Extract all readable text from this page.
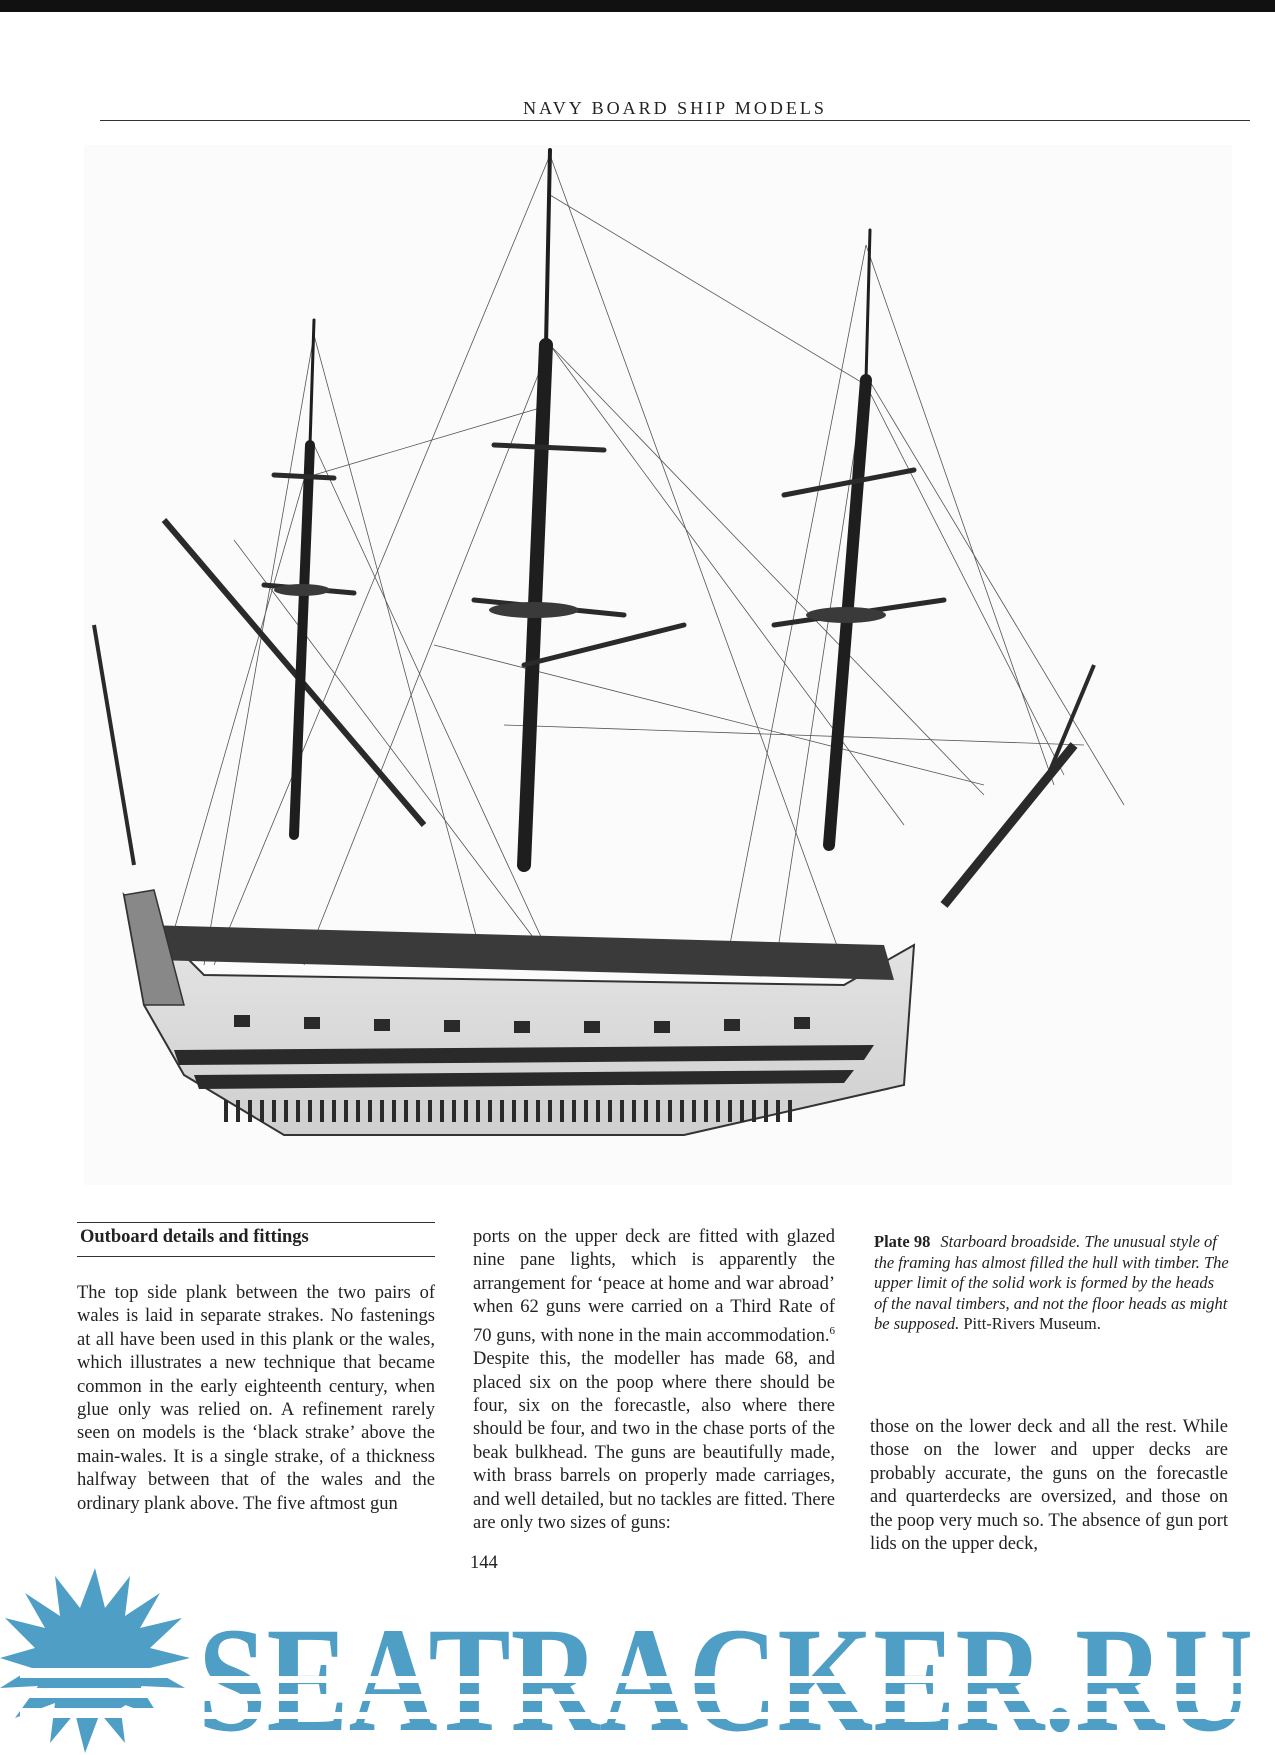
NAVY BOARD SHIP MODELS
Outboard details and fittings
The top side plank between the two pairs of wales is laid in separate strakes. No fastenings at all have been used in this plank or the wales, which illustrates a new technique that became common in the early eighteenth century, when glue only was relied on. A refinement rarely seen on models is the ‘black strake’ above the main-wales. It is a single strake, of a thickness halfway between that of the wales and the ordinary plank above. The five aftmost gun
ports on the upper deck are fitted with glazed nine pane lights, which is apparently the arrangement for ‘peace at home and war abroad’ when 62 guns were carried on a Third Rate of 70 guns, with none in the main accommodation.$^6$ Despite this, the modeller has made 68, and placed six on the poop where there should be four, six on the forecastle, also where there should be four, and two in the chase ports of the beak bulkhead. The guns are beautifully made, with brass barrels on properly made carriages, and well detailed, but no tackles are fitted. There are only two sizes of guns:
Plate 98 Starboard broadside. The unusual style of the framing has almost filled the hull with timber. The upper limit of the solid work is formed by the heads of the naval timbers, and not the floor heads as might be supposed. Pitt-Rivers Museum.
those on the lower deck and all the rest. While those on the lower and upper decks are probably accurate, the guns on the forecastle and quarterdecks are oversized, and those on the poop very much so. The absence of gun port lids on the upper deck,
144
